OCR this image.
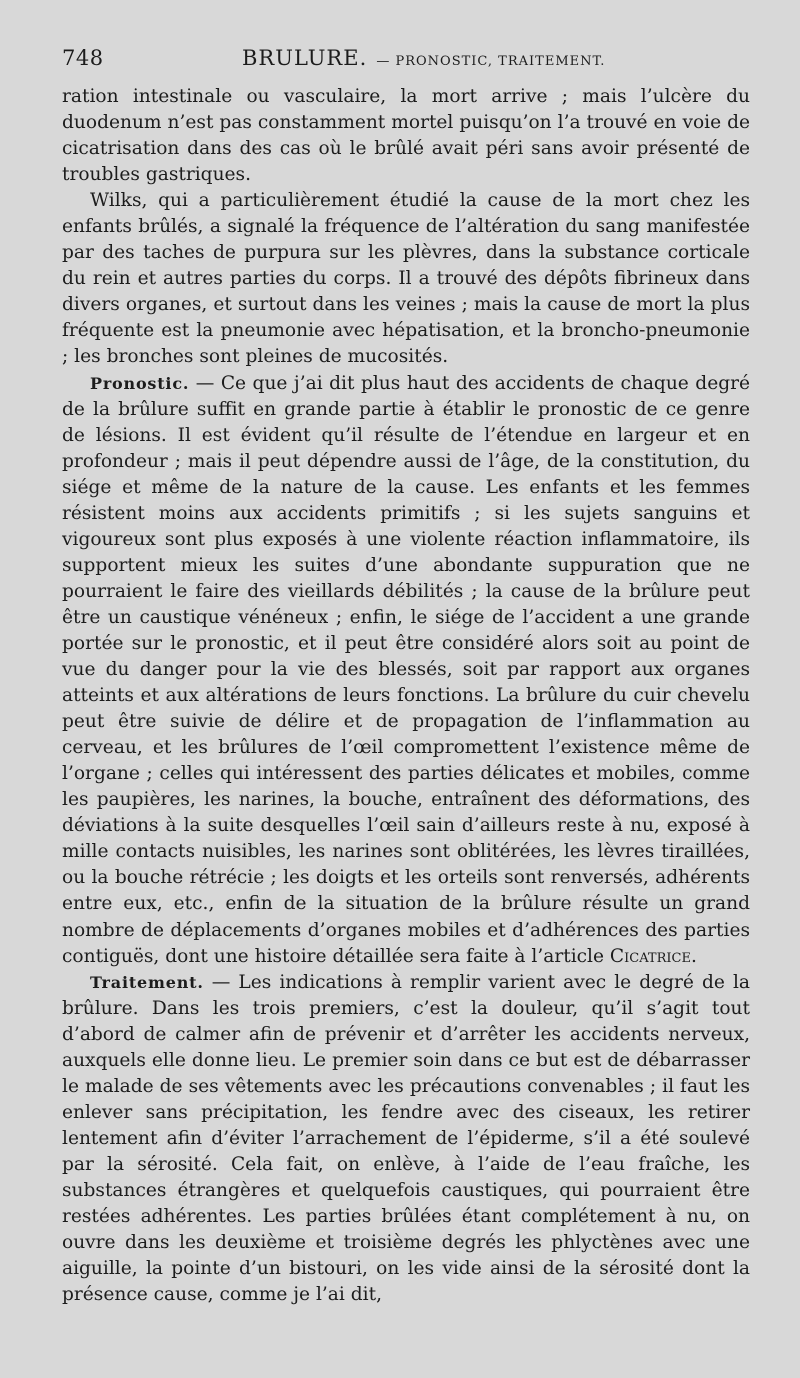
748	BRULURE. — PRONOSTIC, TRAITEMENT.

ration intestinale ou vasculaire, la mort arrive ; mais l’ulcère du duodenum n’est pas constamment mortel puisqu’on l’a trouvé en voie de cicatrisation dans des cas où le brûlé avait péri sans avoir présenté de troubles gastriques.

Wilks, qui a particulièrement étudié la cause de la mort chez les enfants brûlés, a signalé la fréquence de l’altération du sang manifestée par des taches de purpura sur les plèvres, dans la substance corticale du rein et autres parties du corps. Il a trouvé des dépôts fibrineux dans divers organes, et surtout dans les veines ; mais la cause de mort la plus fréquente est la pneumonie avec hépatisation, et la broncho-pneumonie ; les bronches sont pleines de mucosités.

Pronostic. — Ce que j’ai dit plus haut des accidents de chaque degré de la brûlure suffit en grande partie à établir le pronostic de ce genre de lésions. Il est évident qu’il résulte de l’étendue en largeur et en profondeur ; mais il peut dépendre aussi de l’âge, de la constitution, du siége et même de la nature de la cause. Les enfants et les femmes résistent moins aux accidents primitifs ; si les sujets sanguins et vigoureux sont plus exposés à une violente réaction inflammatoire, ils supportent mieux les suites d’une abondante suppuration que ne pourraient le faire des vieillards débilités ; la cause de la brûlure peut être un caustique vénéneux ; enfin, le siége de l’accident a une grande portée sur le pronostic, et il peut être considéré alors soit au point de vue du danger pour la vie des blessés, soit par rapport aux organes atteints et aux altérations de leurs fonctions. La brûlure du cuir chevelu peut être suivie de délire et de propagation de l’inflammation au cerveau, et les brûlures de l’œil compromettent l’existence même de l’organe ; celles qui intéressent des parties délicates et mobiles, comme les paupières, les narines, la bouche, entraînent des déformations, des déviations à la suite desquelles l’œil sain d’ailleurs reste à nu, exposé à mille contacts nuisibles, les narines sont oblitérées, les lèvres tiraillées, ou la bouche rétrécie ; les doigts et les orteils sont renversés, adhérents entre eux, etc., enfin de la situation de la brûlure résulte un grand nombre de déplacements d’organes mobiles et d’adhérences des parties contiguës, dont une histoire détaillée sera faite à l’article Cicatrice.

Traitement. — Les indications à remplir varient avec le degré de la brûlure. Dans les trois premiers, c’est la douleur, qu’il s’agit tout d’abord de calmer afin de prévenir et d’arrêter les accidents nerveux, auxquels elle donne lieu. Le premier soin dans ce but est de débarrasser le malade de ses vêtements avec les précautions convenables ; il faut les enlever sans précipitation, les fendre avec des ciseaux, les retirer lentement afin d’éviter l’arrachement de l’épiderme, s’il a été soulevé par la sérosité. Cela fait, on enlève, à l’aide de l’eau fraîche, les substances étrangères et quelquefois caustiques, qui pourraient être restées adhérentes. Les parties brûlées étant complétement à nu, on ouvre dans les deuxième et troisième degrés les phlyctènes avec une aiguille, la pointe d’un bistouri, on les vide ainsi de la sérosité dont la présence cause, comme je l’ai dit,
